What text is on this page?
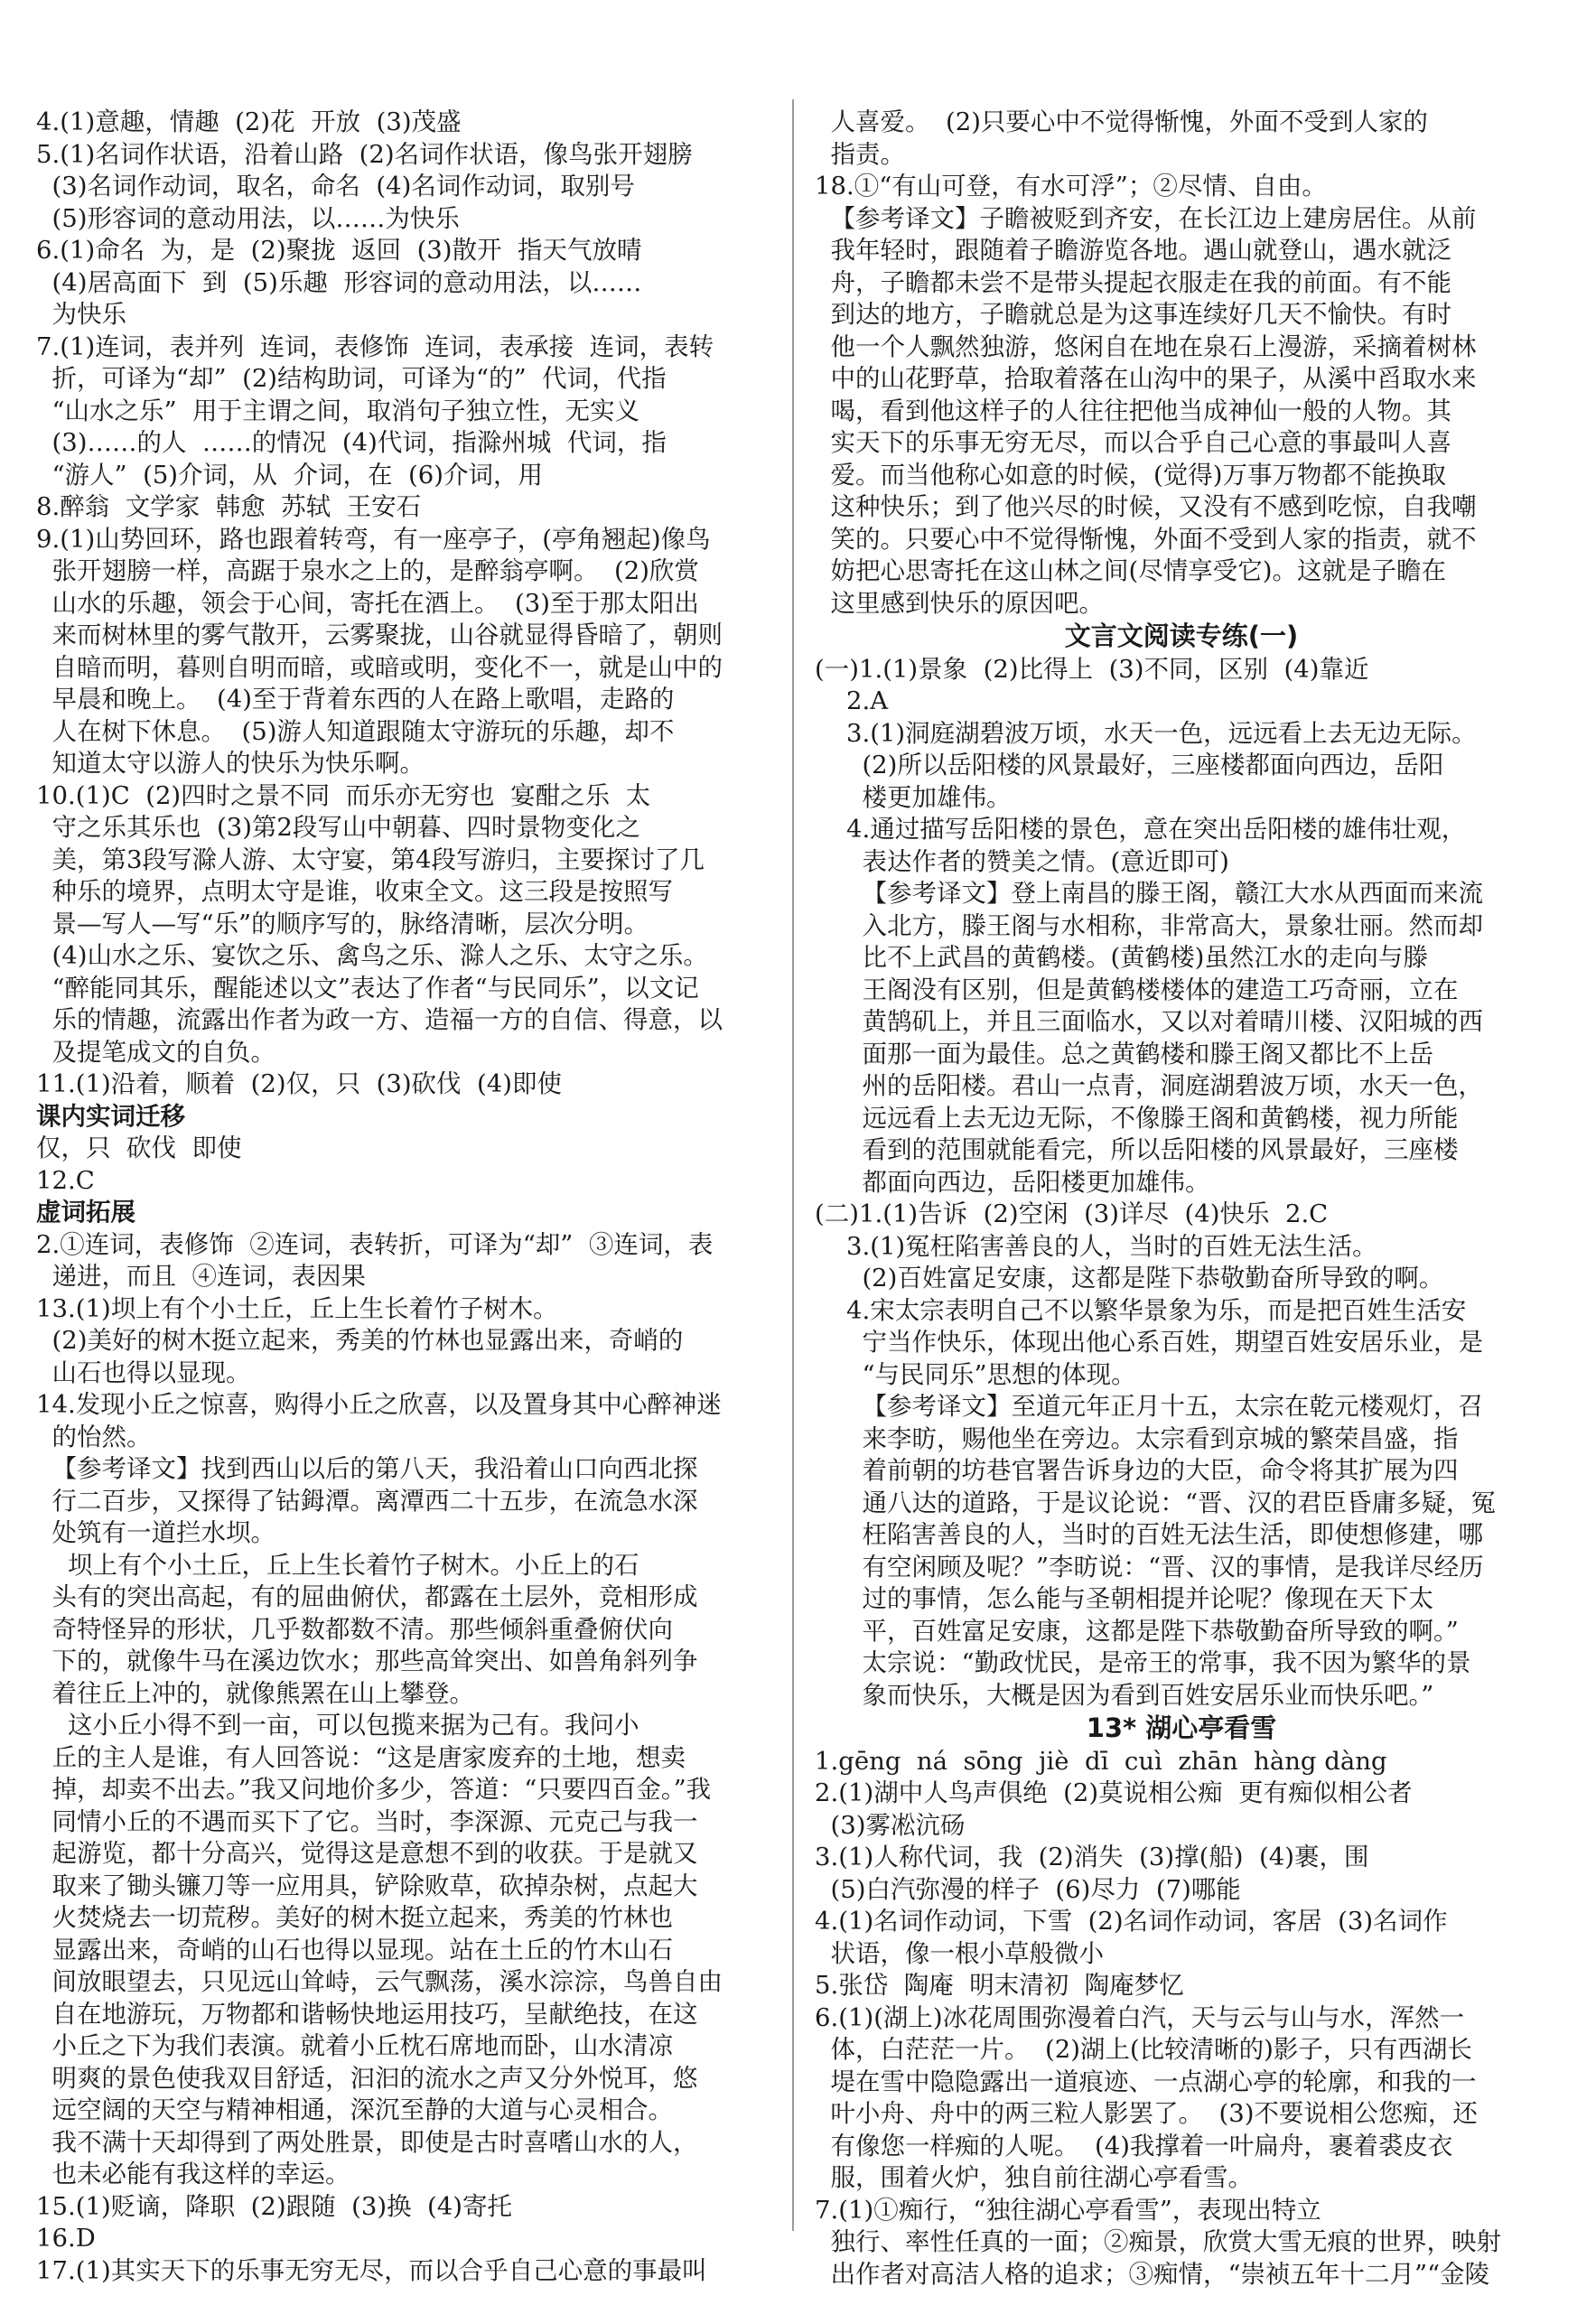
4.(1)意趣，情趣  (2)花  开放  (3)茂盛
5.(1)名词作状语，沿着山路  (2)名词作状语，像鸟张开翅膀
(3)名词作动词，取名，命名  (4)名词作动词，取别号
(5)形容词的意动用法，以……为快乐
6.(1)命名  为，是  (2)聚拢  返回  (3)散开  指天气放晴
(4)居高面下  到  (5)乐趣  形容词的意动用法，以……
为快乐
7.(1)连词，表并列  连词，表修饰  连词，表承接  连词，表转
折，可译为“却”  (2)结构助词，可译为“的”  代词，代指
“山水之乐”  用于主谓之间，取消句子独立性，无实义
(3)……的人  ……的情况  (4)代词，指滁州城  代词，指
“游人”  (5)介词，从  介词，在  (6)介词，用
8.醉翁  文学家  韩愈  苏轼  王安石
9.(1)山势回环，路也跟着转弯，有一座亭子，(亭角翘起)像鸟
张开翅膀一样，高踞于泉水之上的，是醉翁亭啊。  (2)欣赏
山水的乐趣，领会于心间，寄托在酒上。  (3)至于那太阳出
来而树林里的雾气散开，云雾聚拢，山谷就显得昏暗了，朝则
自暗而明，暮则自明而暗，或暗或明，变化不一，就是山中的
早晨和晚上。  (4)至于背着东西的人在路上歌唱，走路的
人在树下休息。  (5)游人知道跟随太守游玩的乐趣，却不
知道太守以游人的快乐为快乐啊。
10.(1)C  (2)四时之景不同  而乐亦无穷也  宴酣之乐  太
守之乐其乐也  (3)第2段写山中朝暮、四时景物变化之
美，第3段写滁人游、太守宴，第4段写游归，主要探讨了几
种乐的境界，点明太守是谁，收束全文。这三段是按照写
景—写人—写“乐”的顺序写的，脉络清晰，层次分明。
(4)山水之乐、宴饮之乐、禽鸟之乐、滁人之乐、太守之乐。
“醉能同其乐，醒能述以文”表达了作者“与民同乐”，以文记
乐的情趣，流露出作者为政一方、造福一方的自信、得意，以
及提笔成文的自负。
11.(1)沿着，顺着  (2)仅，只  (3)砍伐  (4)即使
课内实词迁移
仅，只  砍伐  即使
12.C
虚词拓展
2.①连词，表修饰  ②连词，表转折，可译为“却”  ③连词，表
递进，而且  ④连词，表因果
13.(1)坝上有个小土丘，丘上生长着竹子树木。
(2)美好的树木挺立起来，秀美的竹林也显露出来，奇峭的
山石也得以显现。
14.发现小丘之惊喜，购得小丘之欣喜，以及置身其中心醉神迷
的怡然。
【参考译文】找到西山以后的第八天，我沿着山口向西北探
行二百步，又探得了钴鉧潭。离潭西二十五步，在流急水深
处筑有一道拦水坝。
坝上有个小土丘，丘上生长着竹子树木。小丘上的石
头有的突出高起，有的屈曲俯伏，都露在土层外，竞相形成
奇特怪异的形状，几乎数都数不清。那些倾斜重叠俯伏向
下的，就像牛马在溪边饮水；那些高耸突出、如兽角斜列争
着往丘上冲的，就像熊罴在山上攀登。
这小丘小得不到一亩，可以包揽来据为己有。我问小
丘的主人是谁，有人回答说：“这是唐家废弃的土地，想卖
掉，却卖不出去。”我又问地价多少，答道：“只要四百金。”我
同情小丘的不遇而买下了它。当时，李深源、元克己与我一
起游览，都十分高兴，觉得这是意想不到的收获。于是就又
取来了锄头镰刀等一应用具，铲除败草，砍掉杂树，点起大
火焚烧去一切荒秽。美好的树木挺立起来，秀美的竹林也
显露出来，奇峭的山石也得以显现。站在土丘的竹木山石
间放眼望去，只见远山耸峙，云气飘荡，溪水淙淙，鸟兽自由
自在地游玩，万物都和谐畅快地运用技巧，呈献绝技，在这
小丘之下为我们表演。就着小丘枕石席地而卧，山水清凉
明爽的景色使我双目舒适，汩汩的流水之声又分外悦耳，悠
远空阔的天空与精神相通，深沉至静的大道与心灵相合。
我不满十天却得到了两处胜景，即使是古时喜嗜山水的人，
也未必能有我这样的幸运。
15.(1)贬谪，降职  (2)跟随  (3)换  (4)寄托
16.D
17.(1)其实天下的乐事无穷无尽，而以合乎自己心意的事最叫
人喜爱。  (2)只要心中不觉得惭愧，外面不受到人家的
指责。
18.①“有山可登，有水可浮”；②尽情、自由。
【参考译文】子瞻被贬到齐安，在长江边上建房居住。从前
我年轻时，跟随着子瞻游览各地。遇山就登山，遇水就泛
舟，子瞻都未尝不是带头提起衣服走在我的前面。有不能
到达的地方，子瞻就总是为这事连续好几天不愉快。有时
他一个人飘然独游，悠闲自在地在泉石上漫游，采摘着树林
中的山花野草，拾取着落在山沟中的果子，从溪中舀取水来
喝，看到他这样子的人往往把他当成神仙一般的人物。其
实天下的乐事无穷无尽，而以合乎自己心意的事最叫人喜
爱。而当他称心如意的时候，(觉得)万事万物都不能换取
这种快乐；到了他兴尽的时候，又没有不感到吃惊，自我嘲
笑的。只要心中不觉得惭愧，外面不受到人家的指责，就不
妨把心思寄托在这山林之间(尽情享受它)。这就是子瞻在
这里感到快乐的原因吧。
文言文阅读专练(一)
(一)1.(1)景象  (2)比得上  (3)不同，区别  (4)靠近
2.A
3.(1)洞庭湖碧波万顷，水天一色，远远看上去无边无际。
(2)所以岳阳楼的风景最好，三座楼都面向西边，岳阳
楼更加雄伟。
4.通过描写岳阳楼的景色，意在突出岳阳楼的雄伟壮观，
表达作者的赞美之情。(意近即可)
【参考译文】登上南昌的滕王阁，赣江大水从西面而来流
入北方，滕王阁与水相称，非常高大，景象壮丽。然而却
比不上武昌的黄鹤楼。(黄鹤楼)虽然江水的走向与滕
王阁没有区别，但是黄鹤楼楼体的建造工巧奇丽，立在
黄鹄矶上，并且三面临水，又以对着晴川楼、汉阳城的西
面那一面为最佳。总之黄鹤楼和滕王阁又都比不上岳
州的岳阳楼。君山一点青，洞庭湖碧波万顷，水天一色，
远远看上去无边无际，不像滕王阁和黄鹤楼，视力所能
看到的范围就能看完，所以岳阳楼的风景最好，三座楼
都面向西边，岳阳楼更加雄伟。
(二)1.(1)告诉  (2)空闲  (3)详尽  (4)快乐  2.C
3.(1)冤枉陷害善良的人，当时的百姓无法生活。
(2)百姓富足安康，这都是陛下恭敬勤奋所导致的啊。
4.宋太宗表明自己不以繁华景象为乐，而是把百姓生活安
宁当作快乐，体现出他心系百姓，期望百姓安居乐业，是
“与民同乐”思想的体现。
【参考译文】至道元年正月十五，太宗在乾元楼观灯，召
来李昉，赐他坐在旁边。太宗看到京城的繁荣昌盛，指
着前朝的坊巷官署告诉身边的大臣，命令将其扩展为四
通八达的道路，于是议论说：“晋、汉的君臣昏庸多疑，冤
枉陷害善良的人，当时的百姓无法生活，即使想修建，哪
有空闲顾及呢？”李昉说：“晋、汉的事情，是我详尽经历
过的事情，怎么能与圣朝相提并论呢？像现在天下太
平，百姓富足安康，这都是陛下恭敬勤奋所导致的啊。”
太宗说：“勤政忧民，是帝王的常事，我不因为繁华的景
象而快乐，大概是因为看到百姓安居乐业而快乐吧。”
13* 湖心亭看雪
1.gēng  ná  sōng  jiè  dī  cuì  zhān  hàng dàng
2.(1)湖中人鸟声俱绝  (2)莫说相公痴  更有痴似相公者
(3)雾凇沆砀
3.(1)人称代词，我  (2)消失  (3)撑(船)  (4)裹，围
(5)白汽弥漫的样子  (6)尽力  (7)哪能
4.(1)名词作动词，下雪  (2)名词作动词，客居  (3)名词作
状语，像一根小草般微小
5.张岱  陶庵  明末清初  陶庵梦忆
6.(1)(湖上)冰花周围弥漫着白汽，天与云与山与水，浑然一
体，白茫茫一片。  (2)湖上(比较清晰的)影子，只有西湖长
堤在雪中隐隐露出一道痕迹、一点湖心亭的轮廓，和我的一
叶小舟、舟中的两三粒人影罢了。  (3)不要说相公您痴，还
有像您一样痴的人呢。  (4)我撑着一叶扁舟，裹着裘皮衣
服，围着火炉，独自前往湖心亭看雪。
7.(1)①痴行，“独往湖心亭看雪”，表现出特立
独行、率性任真的一面；②痴景，欣赏大雪无痕的世界，映射
出作者对高洁人格的追求；③痴情，“崇祯五年十二月”“金陵
